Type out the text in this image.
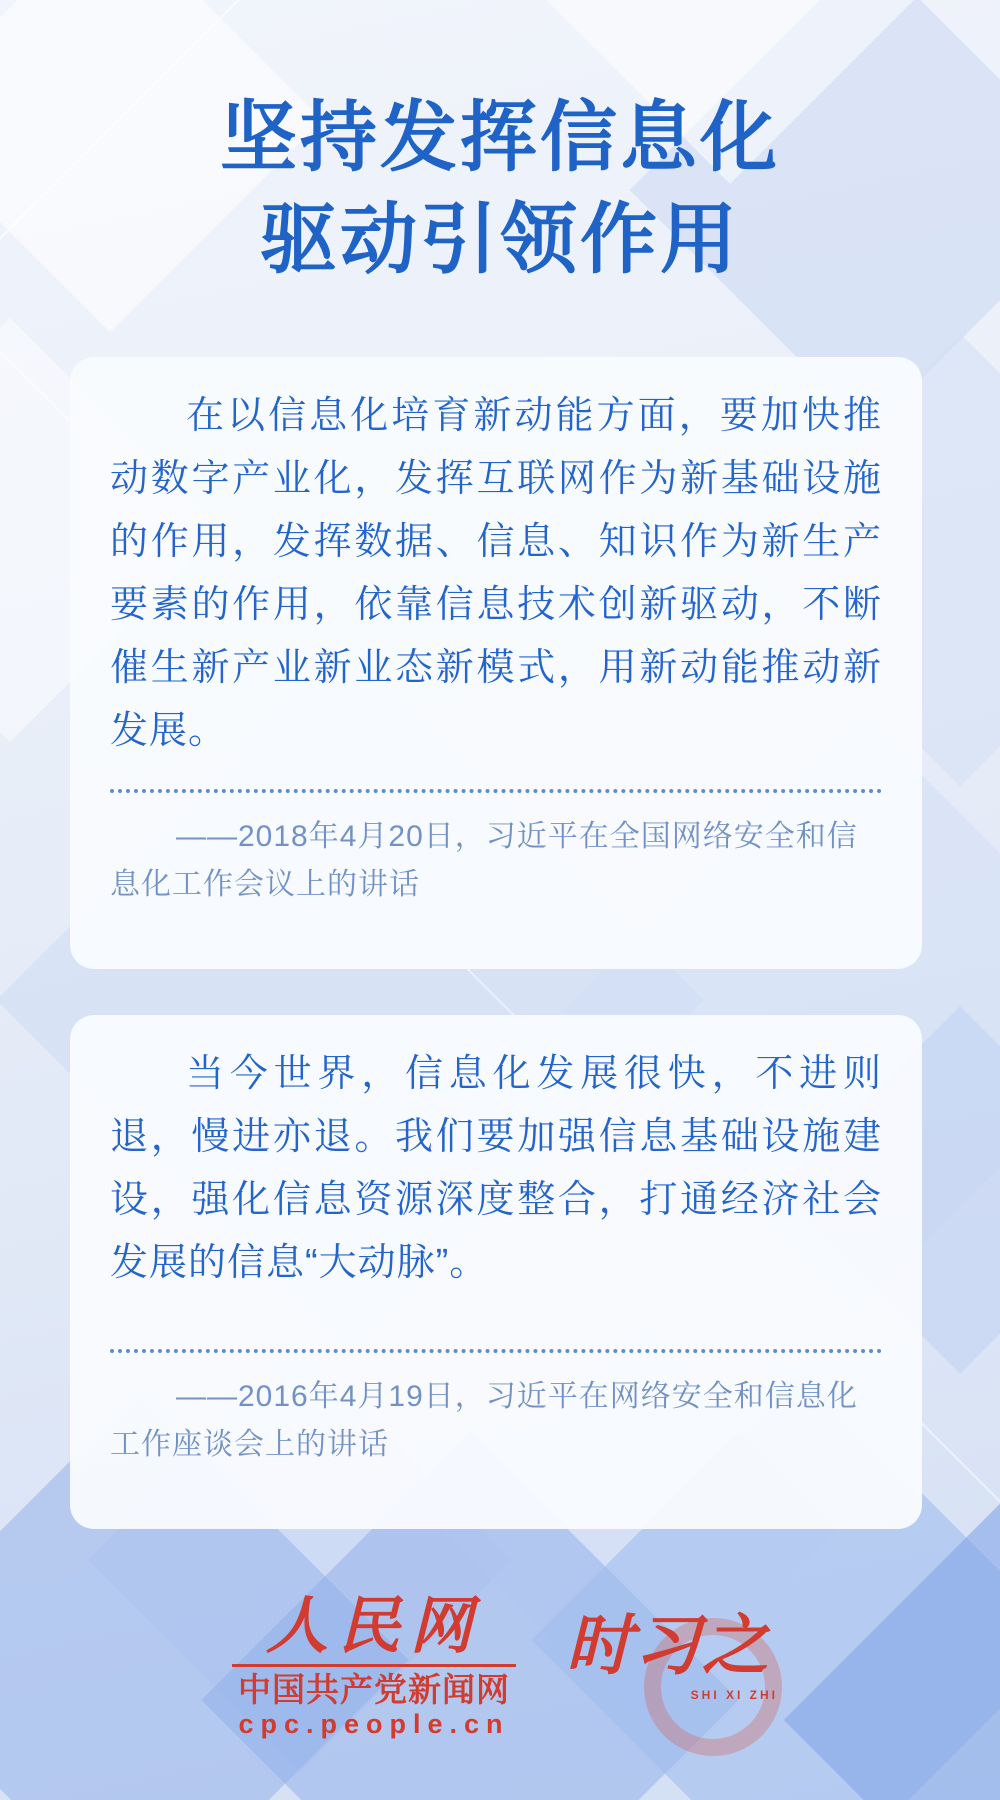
坚持发挥信息化
驱动引领作用

在以信息化培育新动能方面，要加快推动数字产业化，发挥互联网作为新基础设施的作用，发挥数据、信息、知识作为新生产要素的作用，依靠信息技术创新驱动，不断催生新产业新业态新模式，用新动能推动新发展。

——2018年4月20日，习近平在全国网络安全和信息化工作会议上的讲话

当今世界，信息化发展很快，不进则退，慢进亦退。我们要加强信息基础设施建设，强化信息资源深度整合，打通经济社会发展的信息“大动脉”。

——2016年4月19日，习近平在网络安全和信息化工作座谈会上的讲话

人民网
中国共产党新闻网
cpc.people.cn
时习之
SHI XI ZHI
